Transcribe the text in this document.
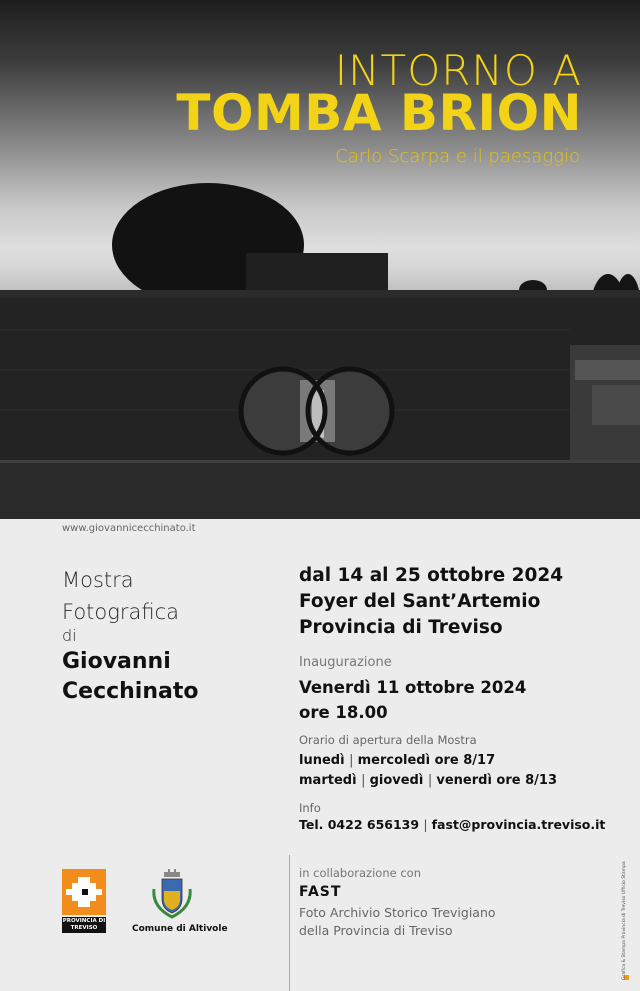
INTORNO A
TOMBA BRION
Carlo Scarpa e il paesaggio
www.giovannicecchinato.it
Mostra
Fotografica
di
Giovanni
Cecchinato
dal 14 al 25 ottobre 2024
Foyer del Sant’Artemio
Provincia di Treviso
Inaugurazione
Venerdì 11 ottobre 2024
ore 18.00
Orario di apertura della Mostra
lunedì | mercoledì ore 8/17
martedì | giovedì | venerdì ore 8/13
Info
Tel. 0422 656139 | fast@provincia.treviso.it
in collaborazione con
FAST
Foto Archivio Storico Trevigiano
della Provincia di Treviso
PROVINCIA DI TREVISO	Comune di Altivole	Grafica & Stampa Provincia di Treviso Ufficio Stampa
